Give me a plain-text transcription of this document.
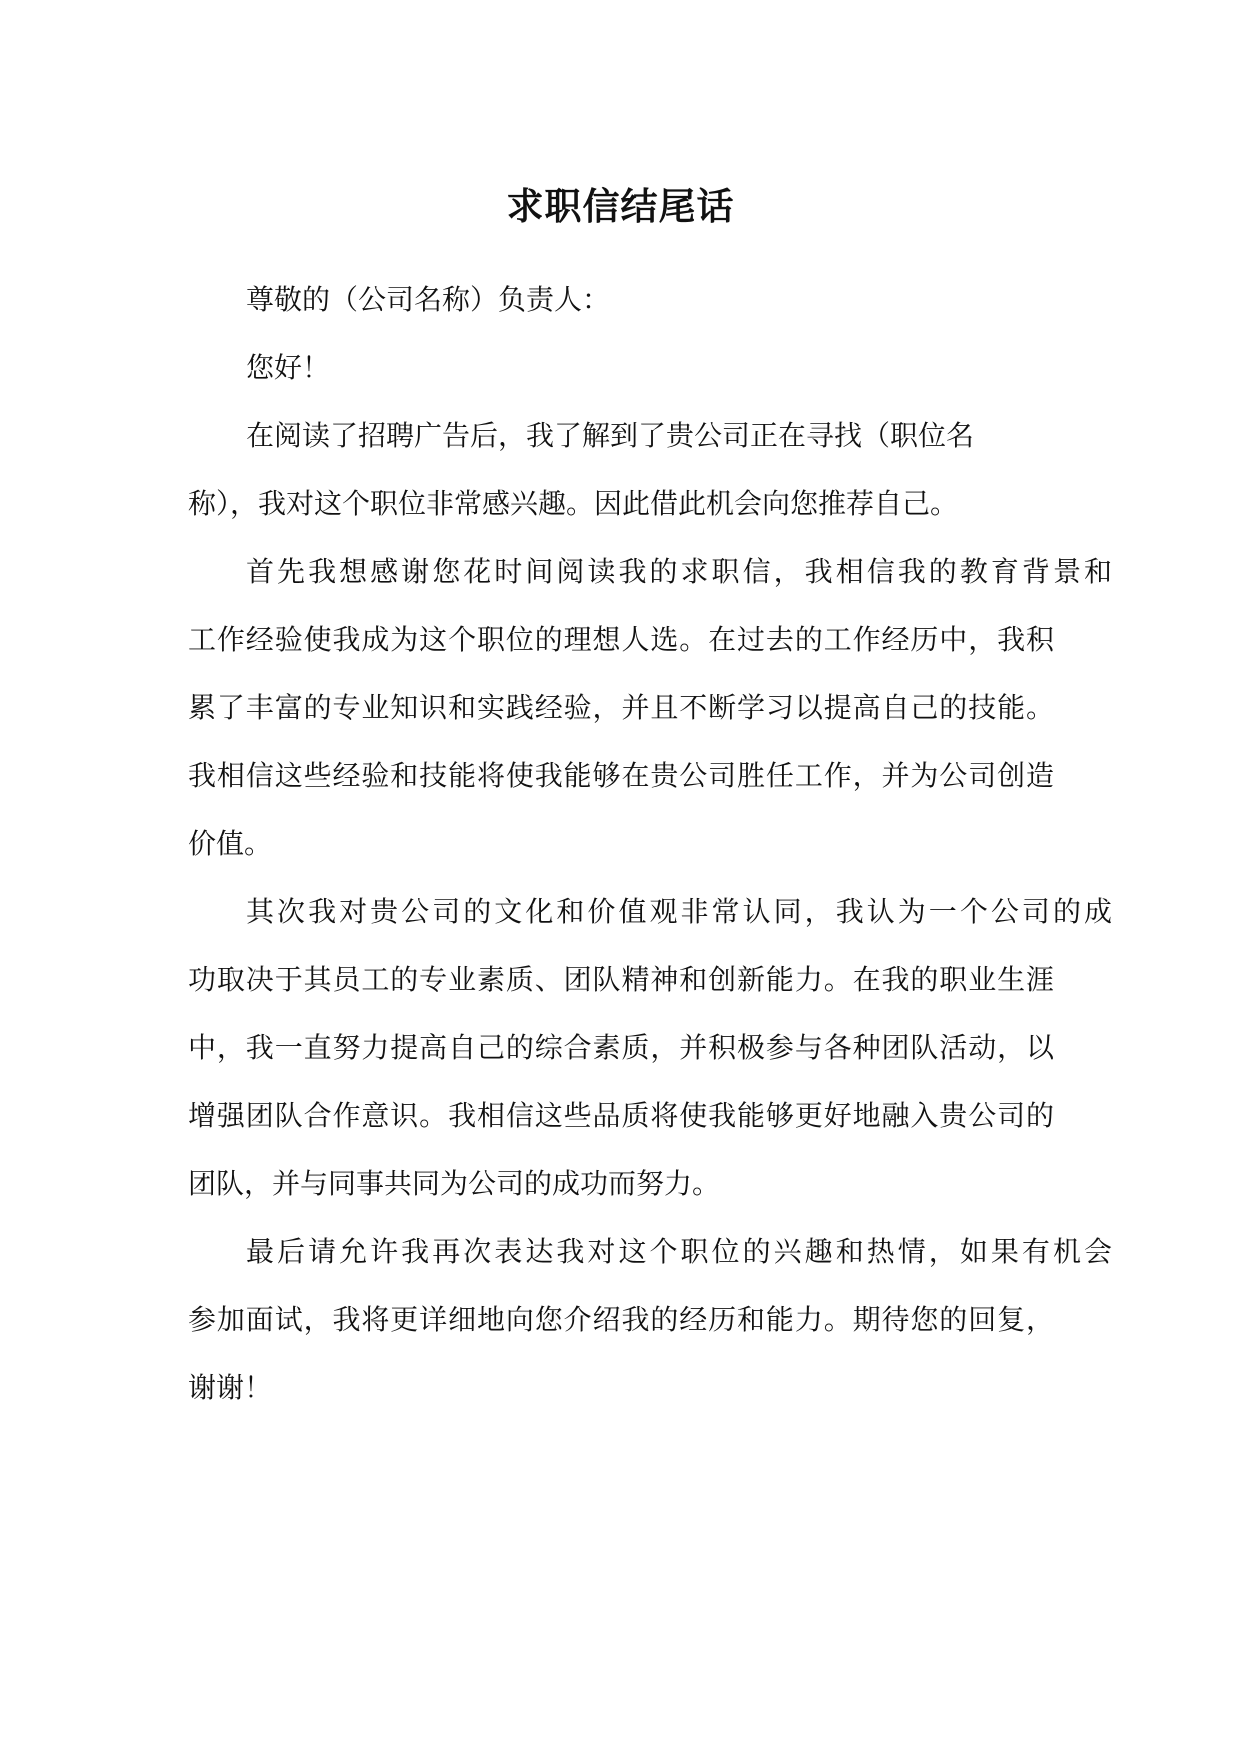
求职信结尾话

尊敬的（公司名称）负责人：

您好！

在阅读了招聘广告后，我了解到了贵公司正在寻找（职位名

称），我对这个职位非常感兴趣。因此借此机会向您推荐自己。

首先我想感谢您花时间阅读我的求职信，我相信我的教育背景和

工作经验使我成为这个职位的理想人选。在过去的工作经历中，我积

累了丰富的专业知识和实践经验，并且不断学习以提高自己的技能。

我相信这些经验和技能将使我能够在贵公司胜任工作，并为公司创造

价值。

其次我对贵公司的文化和价值观非常认同，我认为一个公司的成

功取决于其员工的专业素质、团队精神和创新能力。在我的职业生涯

中，我一直努力提高自己的综合素质，并积极参与各种团队活动，以

增强团队合作意识。我相信这些品质将使我能够更好地融入贵公司的

团队，并与同事共同为公司的成功而努力。

最后请允许我再次表达我对这个职位的兴趣和热情，如果有机会

参加面试，我将更详细地向您介绍我的经历和能力。期待您的回复，

谢谢！
